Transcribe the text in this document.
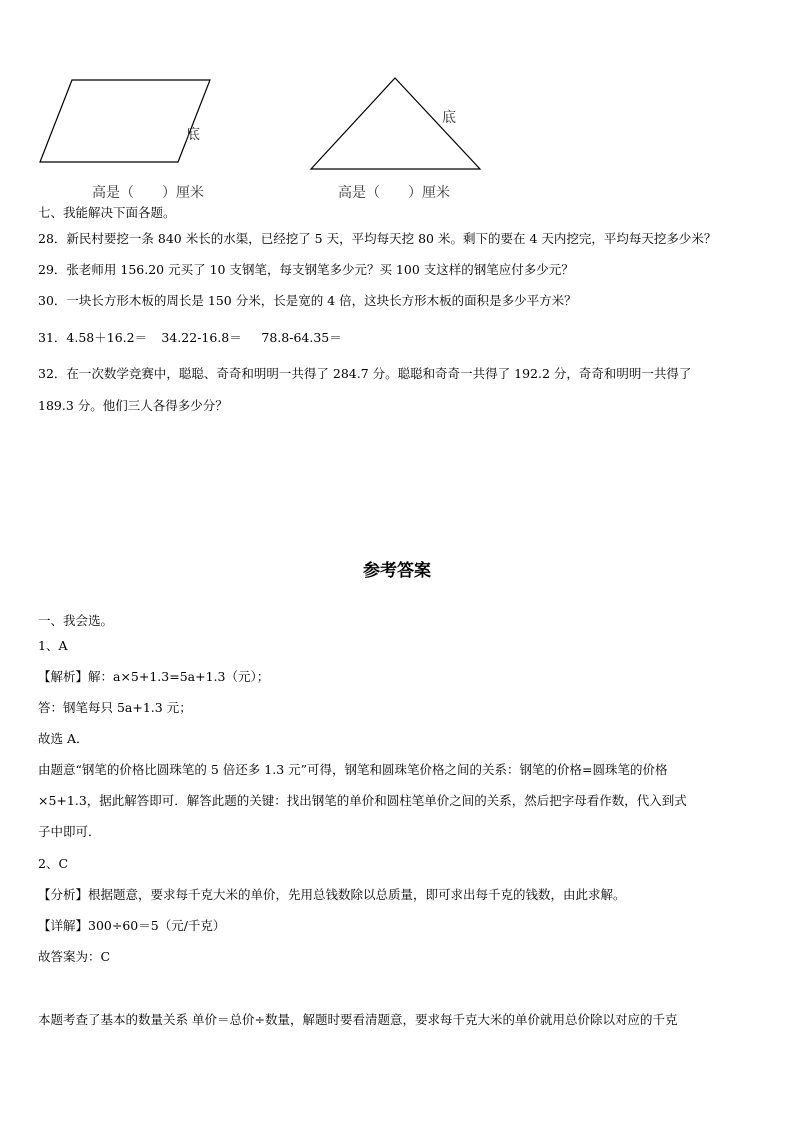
底
高是（　　）厘米
底
高是（　　）厘米
七、我能解决下面各题。
28．新民村要挖一条 840 米长的水渠，已经挖了 5 天，平均每天挖 80 米。剩下的要在 4 天内挖完，平均每天挖多少米？
29．张老师用 156.20 元买了 10 支钢笔，每支钢笔多少元？买 100 支这样的钢笔应付多少元？
30．一块长方形木板的周长是 150 分米，长是宽的 4 倍，这块长方形木板的面积是多少平方米？
31．4.58＋16.2＝ 34.22-16.8＝ 78.8-64.35＝
32．在一次数学竞赛中，聪聪、奇奇和明明一共得了 284.7 分。聪聪和奇奇一共得了 192.2 分，奇奇和明明一共得了
189.3 分。他们三人各得多少分？
参考答案
一、我会选。
1、A
【解析】解：a×5+1.3=5a+1.3（元）；
答：钢笔每只 5a+1.3 元；
故选 A．
由题意“钢笔的价格比圆珠笔的 5 倍还多 1.3 元”可得，钢笔和圆珠笔价格之间的关系：钢笔的价格=圆珠笔的价格
×5+1.3，据此解答即可．解答此题的关键：找出钢笔的单价和圆柱笔单价之间的关系，然后把字母看作数，代入到式
子中即可．
2、C
【分析】根据题意，要求每千克大米的单价，先用总钱数除以总质量，即可求出每千克的钱数，由此求解。
【详解】300÷60＝5（元/千克）
故答案为：C
本题考查了基本的数量关系 单价＝总价÷数量，解题时要看清题意，要求每千克大米的单价就用总价除以对应的千克
